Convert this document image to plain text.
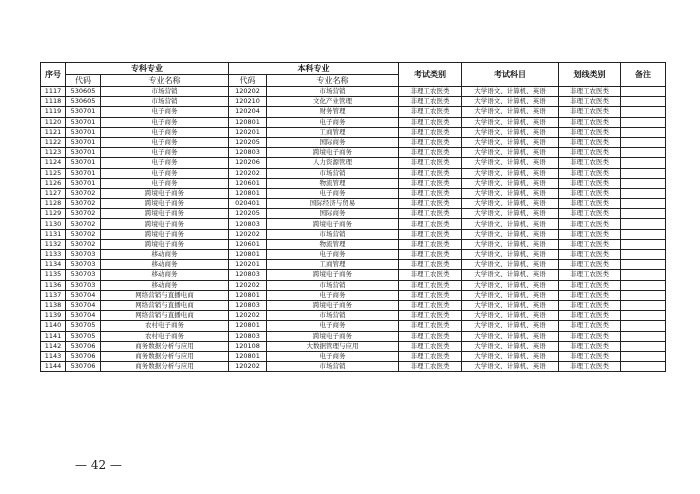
序号	专科专业		本科专业		考试类别	考试科目	划线类别	备注
	代码	专业名称	代码	专业名称				
1117	530605	市场营销	120202	市场营销	非理工农医类	大学语文、计算机、英语	非理工农医类	
1118	530605	市场营销	120210	文化产业管理	非理工农医类	大学语文、计算机、英语	非理工农医类	
1119	530701	电子商务	120204	财务管理	非理工农医类	大学语文、计算机、英语	非理工农医类	
1120	530701	电子商务	120801	电子商务	非理工农医类	大学语文、计算机、英语	非理工农医类	
1121	530701	电子商务	120201	工商管理	非理工农医类	大学语文、计算机、英语	非理工农医类	
1122	530701	电子商务	120205	国际商务	非理工农医类	大学语文、计算机、英语	非理工农医类	
1123	530701	电子商务	120803	跨境电子商务	非理工农医类	大学语文、计算机、英语	非理工农医类	
1124	530701	电子商务	120206	人力资源管理	非理工农医类	大学语文、计算机、英语	非理工农医类	
1125	530701	电子商务	120202	市场营销	非理工农医类	大学语文、计算机、英语	非理工农医类	
1126	530701	电子商务	120601	物流管理	非理工农医类	大学语文、计算机、英语	非理工农医类	
1127	530702	跨境电子商务	120801	电子商务	非理工农医类	大学语文、计算机、英语	非理工农医类	
1128	530702	跨境电子商务	020401	国际经济与贸易	非理工农医类	大学语文、计算机、英语	非理工农医类	
1129	530702	跨境电子商务	120205	国际商务	非理工农医类	大学语文、计算机、英语	非理工农医类	
1130	530702	跨境电子商务	120803	跨境电子商务	非理工农医类	大学语文、计算机、英语	非理工农医类	
1131	530702	跨境电子商务	120202	市场营销	非理工农医类	大学语文、计算机、英语	非理工农医类	
1132	530702	跨境电子商务	120601	物流管理	非理工农医类	大学语文、计算机、英语	非理工农医类	
1133	530703	移动商务	120801	电子商务	非理工农医类	大学语文、计算机、英语	非理工农医类	
1134	530703	移动商务	120201	工商管理	非理工农医类	大学语文、计算机、英语	非理工农医类	
1135	530703	移动商务	120803	跨境电子商务	非理工农医类	大学语文、计算机、英语	非理工农医类	
1136	530703	移动商务	120202	市场营销	非理工农医类	大学语文、计算机、英语	非理工农医类	
1137	530704	网络营销与直播电商	120801	电子商务	非理工农医类	大学语文、计算机、英语	非理工农医类	
1138	530704	网络营销与直播电商	120803	跨境电子商务	非理工农医类	大学语文、计算机、英语	非理工农医类	
1139	530704	网络营销与直播电商	120202	市场营销	非理工农医类	大学语文、计算机、英语	非理工农医类	
1140	530705	农村电子商务	120801	电子商务	非理工农医类	大学语文、计算机、英语	非理工农医类	
1141	530705	农村电子商务	120803	跨境电子商务	非理工农医类	大学语文、计算机、英语	非理工农医类	
1142	530706	商务数据分析与应用	120108	大数据管理与应用	非理工农医类	大学语文、计算机、英语	非理工农医类	
1143	530706	商务数据分析与应用	120801	电子商务	非理工农医类	大学语文、计算机、英语	非理工农医类	
1144	530706	商务数据分析与应用	120202	市场营销	非理工农医类	大学语文、计算机、英语	非理工农医类	
— 42 —
